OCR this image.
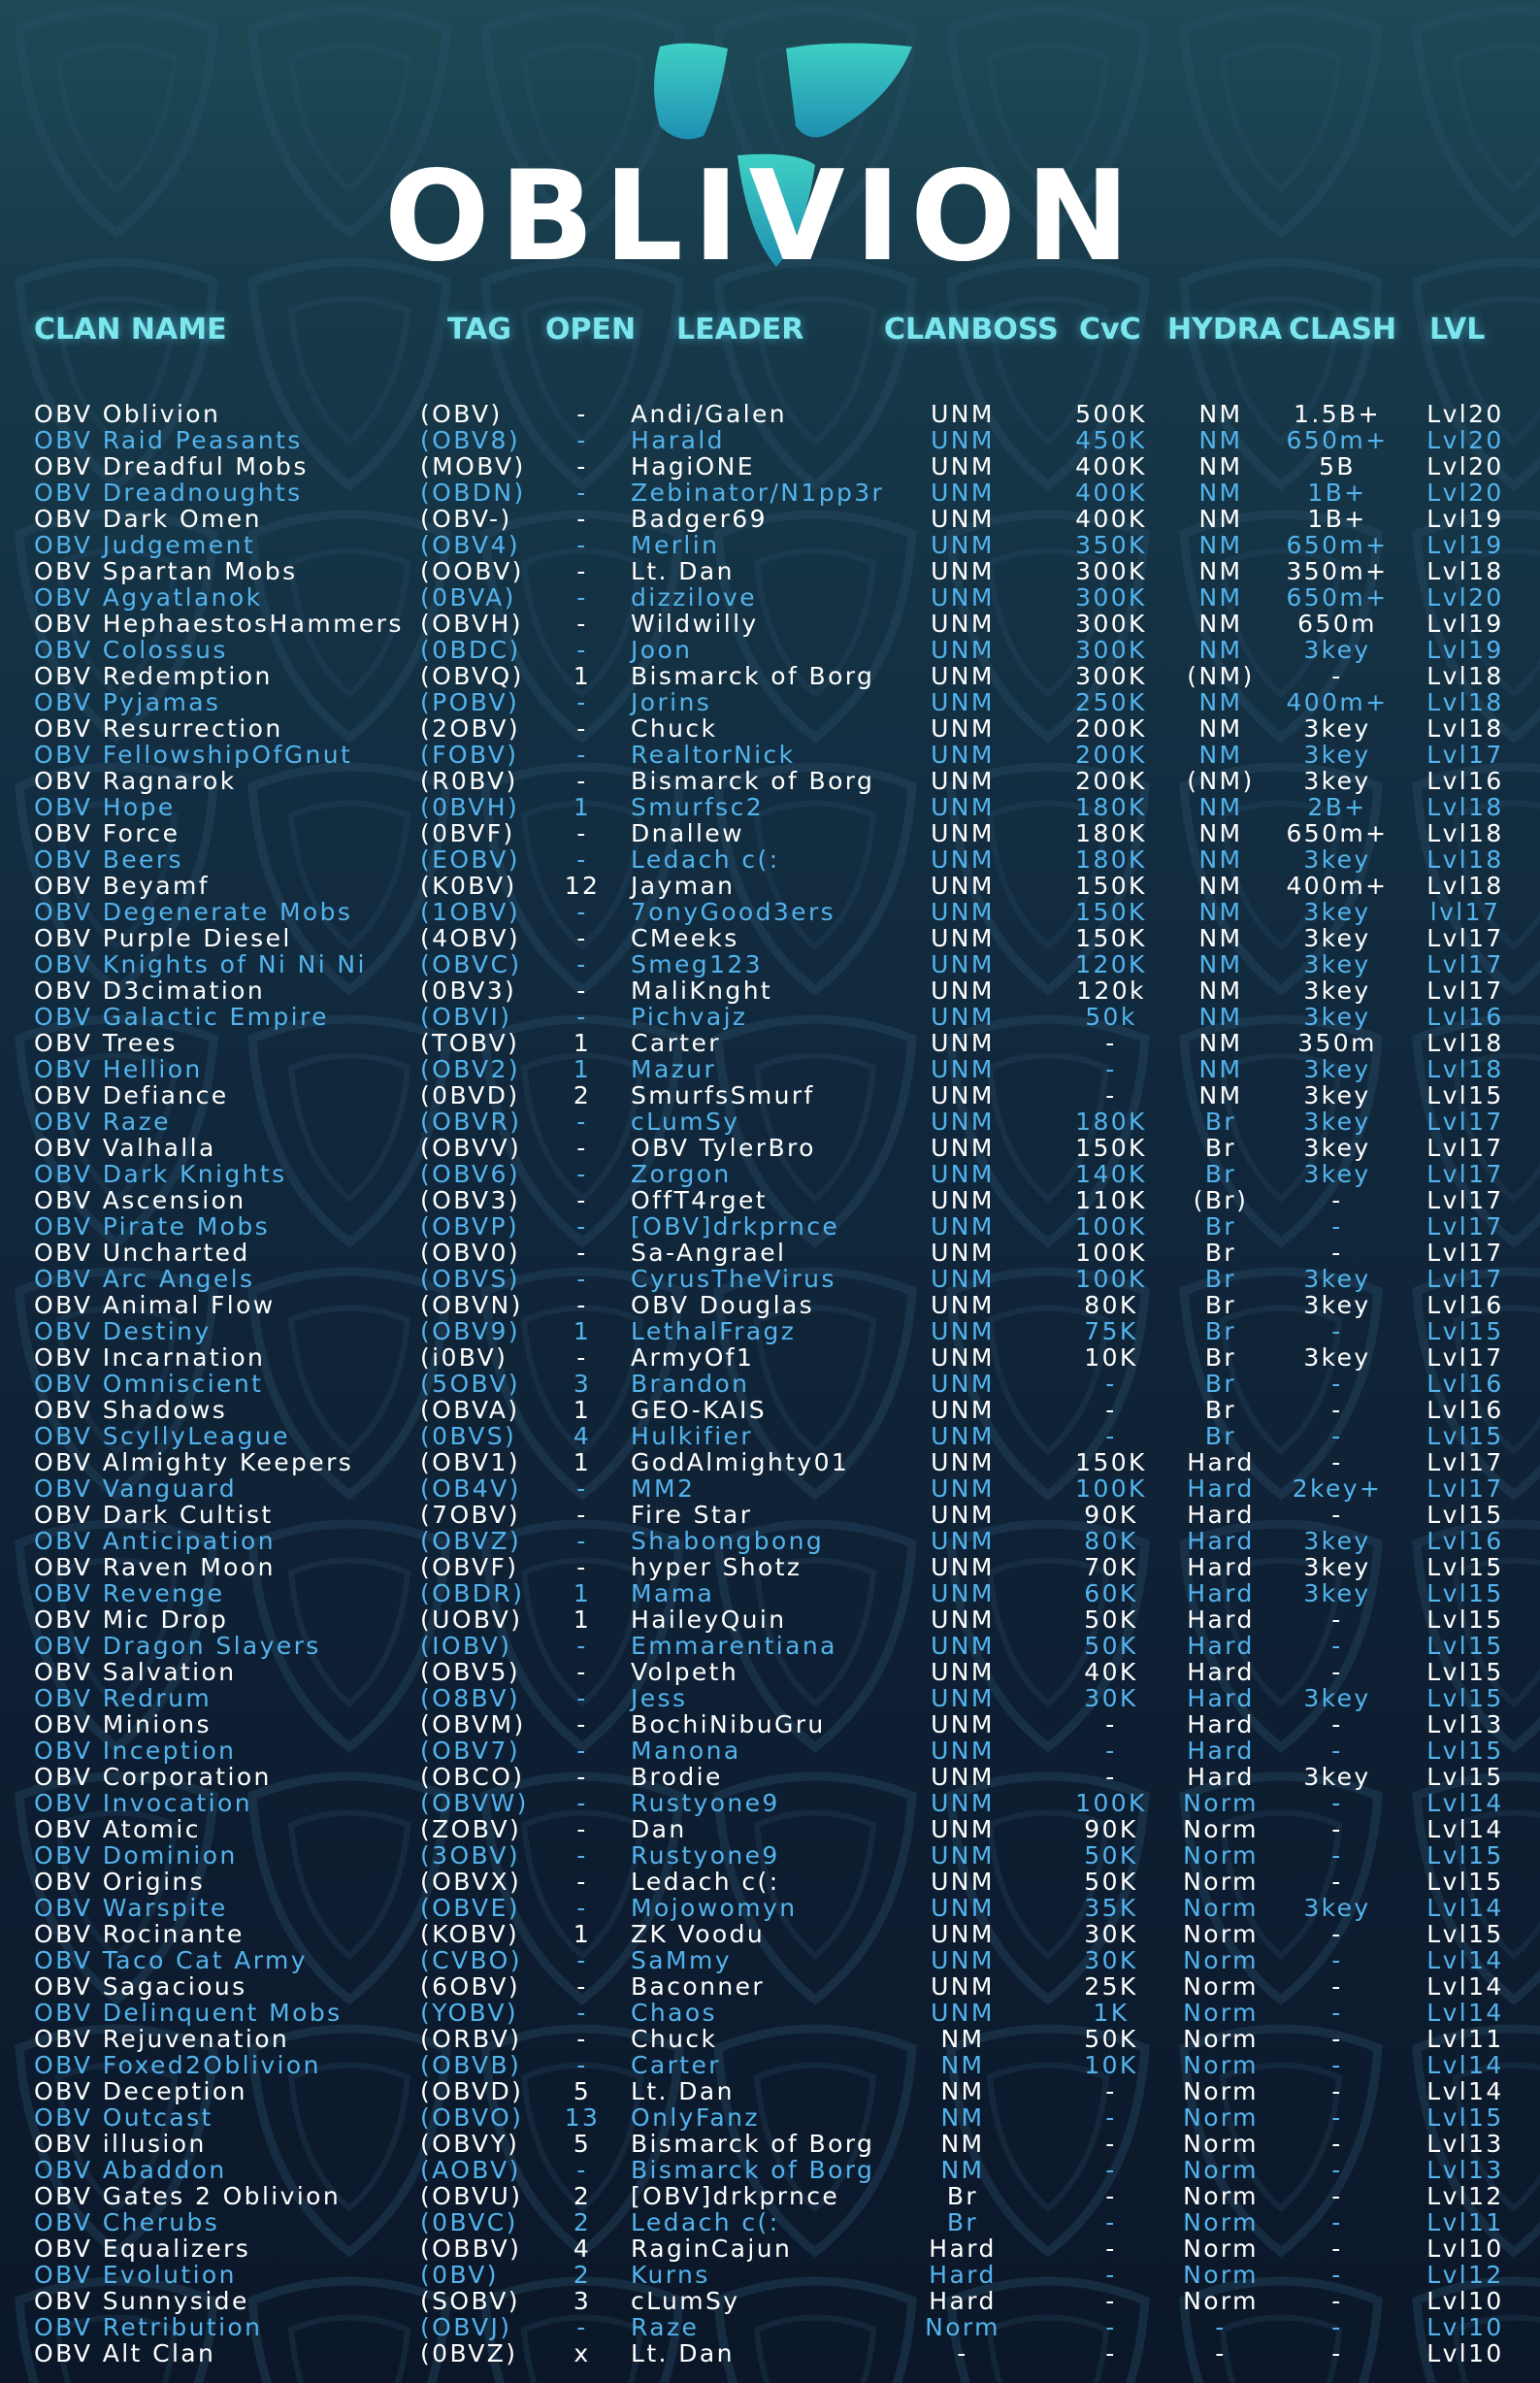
OBLIVION
CLAN NAME	TAG OPEN LEADER	CLANBOSS CvC HYDRA CLASH LVL
OBV Oblivion	(OBV)	-	Andi/Galen	UNM	500K	NM	1.5B+	Lvl20
OBV Raid Peasants	(OBV8)	-	Harald	UNM	450K	NM	650m+	Lvl20
OBV Dreadful Mobs	(MOBV)	-	HagiONE	UNM	400K	NM	5B	Lvl20
OBV Dreadnoughts	(OBDN)	-	Zebinator/N1pp3r	UNM	400K	NM	1B+	Lvl20
OBV Dark Omen	(OBV-)	-	Badger69	UNM	400K	NM	1B+	Lvl19
OBV Judgement	(OBV4)	-	Merlin	UNM	350K	NM	650m+	Lvl19
OBV Spartan Mobs	(OOBV)	-	Lt. Dan	UNM	300K	NM	350m+	Lvl18
OBV Agyatlanok	(0BVA)	-	dizzilove	UNM	300K	NM	650m+	Lvl20
OBV HephaestosHammers (OBVH)	-	Wildwilly	UNM	300K	NM	650m	Lvl19
OBV Colossus	(0BDC)	-	Joon	UNM	300K	NM	3key	Lvl19
OBV Redemption	(OBVQ)	1	Bismarck of Borg	UNM	300K	(NM)	-	Lvl18
OBV Pyjamas	(POBV)	-	Jorins	UNM	250K	NM	400m+	Lvl18
OBV Resurrection	(2OBV)	-	Chuck	UNM	200K	NM	3key	Lvl18
OBV FellowshipOfGnut	(FOBV)	-	RealtorNick	UNM	200K	NM	3key	Lvl17
OBV Ragnarok	(R0BV)	-	Bismarck of Borg	UNM	200K	(NM)	3key	Lvl16
OBV Hope	(0BVH)	1	Smurfsc2	UNM	180K	NM	2B+	Lvl18
OBV Force	(0BVF)	-	Dnallew	UNM	180K	NM	650m+	Lvl18
OBV Beers	(EOBV)	-	Ledach c(:	UNM	180K	NM	3key	Lvl18
OBV Beyamf	(K0BV) 12 Jayman	UNM	150K	NM	400m+	Lvl18
OBV Degenerate Mobs	(1OBV)	-	7onyGood3ers	UNM	150K	NM	3key	lvl17
OBV Purple Diesel	(4OBV)	-	CMeeks	UNM	150K	NM	3key	Lvl17
OBV Knights of Ni Ni Ni (OBVC)	-	Smeg123	UNM	120K	NM	3key	Lvl17
OBV D3cimation	(0BV3)	-	MaliKnght	UNM	120k	NM	3key	Lvl17
OBV Galactic Empire	(OBVI)	-	Pichvajz	UNM	50k	NM	3key	Lvl16
OBV Trees	(TOBV)	1	Carter	UNM	-	NM	350m	Lvl18
OBV Hellion	(OBV2)	1	Mazur	UNM	-	NM	3key	Lvl18
OBV Defiance	(0BVD)	2	SmurfsSmurf	UNM	-	NM	3key	Lvl15
OBV Raze	(OBVR)	-	cLumSy	UNM	180K	Br	3key	Lvl17
OBV Valhalla	(OBVV)	-	OBV TylerBro	UNM	150K	Br	3key	Lvl17
OBV Dark Knights	(OBV6)	-	Zorgon	UNM	140K	Br	3key	Lvl17
OBV Ascension	(OBV3)	-	OffT4rget	UNM	110K	(Br)	-	Lvl17
OBV Pirate Mobs	(OBVP)	-	[OBV]drkprnce	UNM	100K	Br	-	Lvl17
OBV Uncharted	(OBV0)	-	Sa-Angrael	UNM	100K	Br	-	Lvl17
OBV Arc Angels	(OBVS)	-	CyrusTheVirus	UNM	100K	Br	3key	Lvl17
OBV Animal Flow	(OBVN)	-	OBV Douglas	UNM	80K	Br	3key	Lvl16
OBV Destiny	(OBV9)	1	LethalFragz	UNM	75K	Br	-	Lvl15
OBV Incarnation	(i0BV)	-	ArmyOf1	UNM	10K	Br	3key	Lvl17
OBV Omniscient	(5OBV)	3	Brandon	UNM	-	Br	-	Lvl16
OBV Shadows	(OBVA)	1	GEO-KAIS	UNM	-	Br	-	Lvl16
OBV ScyllyLeague	(0BVS)	4	Hulkifier	UNM	-	Br	-	Lvl15
OBV Almighty Keepers	(OBV1)	1	GodAlmighty01	UNM	150K	Hard	-	Lvl17
OBV Vanguard	(OB4V)	-	MM2	UNM	100K	Hard	2key+	Lvl17
OBV Dark Cultist	(7OBV)	-	Fire Star	UNM	90K	Hard	-	Lvl15
OBV Anticipation	(OBVZ)	-	Shabongbong	UNM	80K	Hard	3key	Lvl16
OBV Raven Moon	(OBVF)	-	hyper Shotz	UNM	70K	Hard	3key	Lvl15
OBV Revenge	(OBDR)	1	Mama	UNM	60K	Hard	3key	Lvl15
OBV Mic Drop	(UOBV)	1	HaileyQuin	UNM	50K	Hard	-	Lvl15
OBV Dragon Slayers	(IOBV)	-	Emmarentiana	UNM	50K	Hard	-	Lvl15
OBV Salvation	(OBV5)	-	Volpeth	UNM	40K	Hard	-	Lvl15
OBV Redrum	(O8BV)	-	Jess	UNM	30K	Hard	3key	Lvl15
OBV Minions	(OBVM)	-	BochiNibuGru	UNM	-	Hard	-	Lvl13
OBV Inception	(OBV7)	-	Manona	UNM	-	Hard	-	Lvl15
OBV Corporation	(OBCO)	-	Brodie	UNM	-	Hard	3key	Lvl15
OBV Invocation	(OBVW)	-	Rustyone9	UNM	100K	Norm	-	Lvl14
OBV Atomic	(ZOBV)	-	Dan	UNM	90K	Norm	-	Lvl14
OBV Dominion	(3OBV)	-	Rustyone9	UNM	50K	Norm	-	Lvl15
OBV Origins	(OBVX)	-	Ledach c(:	UNM	50K	Norm	-	Lvl15
OBV Warspite	(OBVE)	-	Mojowomyn	UNM	35K	Norm	3key	Lvl14
OBV Rocinante	(KOBV)	1	ZK Voodu	UNM	30K	Norm	-	Lvl15
OBV Taco Cat Army	(CVBO)	-	SaMmy	UNM	30K	Norm	-	Lvl14
OBV Sagacious	(6OBV)	-	Baconner	UNM	25K	Norm	-	Lvl14
OBV Delinquent Mobs	(YOBV)	-	Chaos	UNM	1K	Norm	-	Lvl14
OBV Rejuvenation	(ORBV)	-	Chuck	NM	50K	Norm	-	Lvl11
OBV Foxed2Oblivion	(OBVB)	-	Carter	NM	10K	Norm	-	Lvl14
OBV Deception	(OBVD)	5	Lt. Dan	NM	-	Norm	-	Lvl14
OBV Outcast	(OBVO) 13 OnlyFanz	NM	-	Norm	-	Lvl15
OBV illusion	(OBVY)	5	Bismarck of Borg	NM	-	Norm	-	Lvl13
OBV Abaddon	(AOBV)	-	Bismarck of Borg	NM	-	Norm	-	Lvl13
OBV Gates 2 Oblivion	(OBVU)	2	[OBV]drkprnce	Br	-	Norm	-	Lvl12
OBV Cherubs	(0BVC)	2	Ledach c(:	Br	-	Norm	-	Lvl11
OBV Equalizers	(OBBV)	4	RaginCajun	Hard	-	Norm	-	Lvl10
OBV Evolution	(0BV)	2	Kurns	Hard	-	Norm	-	Lvl12
OBV Sunnyside	(SOBV)	3	cLumSy	Hard	-	Norm	-	Lvl10
OBV Retribution	(OBVJ)	-	Raze	Norm	-	-	-	Lvl10
OBV Alt Clan	(0BVZ)	x	Lt. Dan	-	-	-	-	Lvl10
